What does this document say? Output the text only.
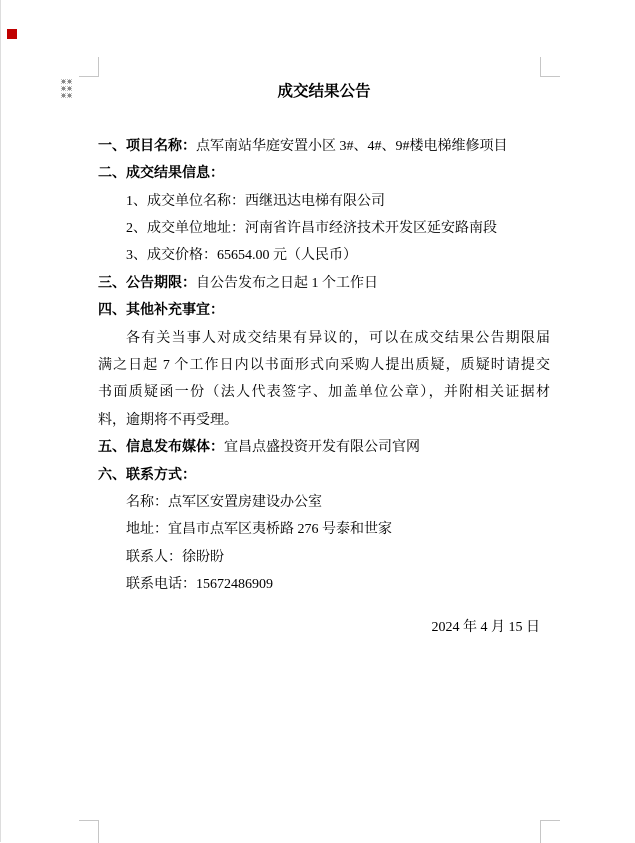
成交结果公告

一、项目名称：点军南站华庭安置小区 3#、4#、9#楼电梯维修项目

二、成交结果信息：

1、成交单位名称：西继迅达电梯有限公司

2、成交单位地址：河南省许昌市经济技术开发区延安路南段

3、成交价格：65654.00 元（人民币）

三、公告期限：自公告发布之日起 1 个工作日

四、其他补充事宜：

各有关当事人对成交结果有异议的，可以在成交结果公告期限届

满之日起 7 个工作日内以书面形式向采购人提出质疑，质疑时请提交

书面质疑函一份（法人代表签字、加盖单位公章），并附相关证据材

料，逾期将不再受理。

五、信息发布媒体：宜昌点盛投资开发有限公司官网

六、联系方式：

名称：点军区安置房建设办公室

地址：宜昌市点军区夷桥路 276 号泰和世家

联系人：徐盼盼

联系电话：15672486909

2024 年 4 月 15 日
